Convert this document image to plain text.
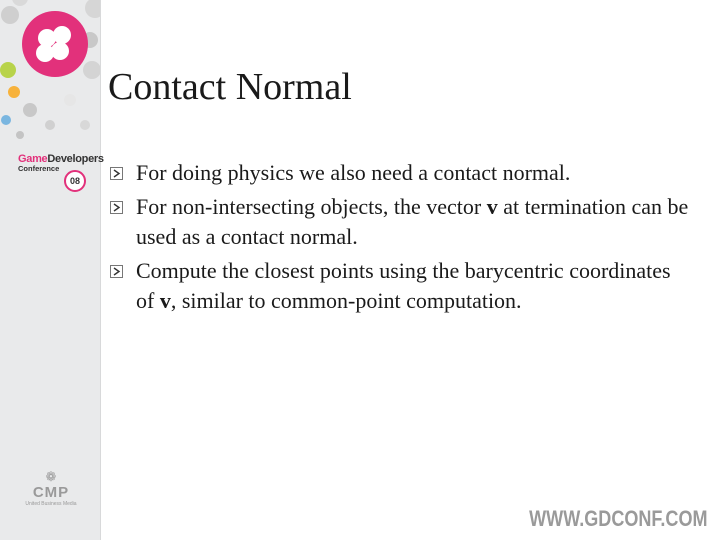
GameDevelopers
Conference
08
❁
CMP
United Business Media
Contact Normal
For doing physics we also need a contact normal.
For non-intersecting objects, the vector v at termination can be used as a contact normal.
Compute the closest points using the barycentric coordinates of v, similar to common-point computation.
WWW.GDCONF.COM
